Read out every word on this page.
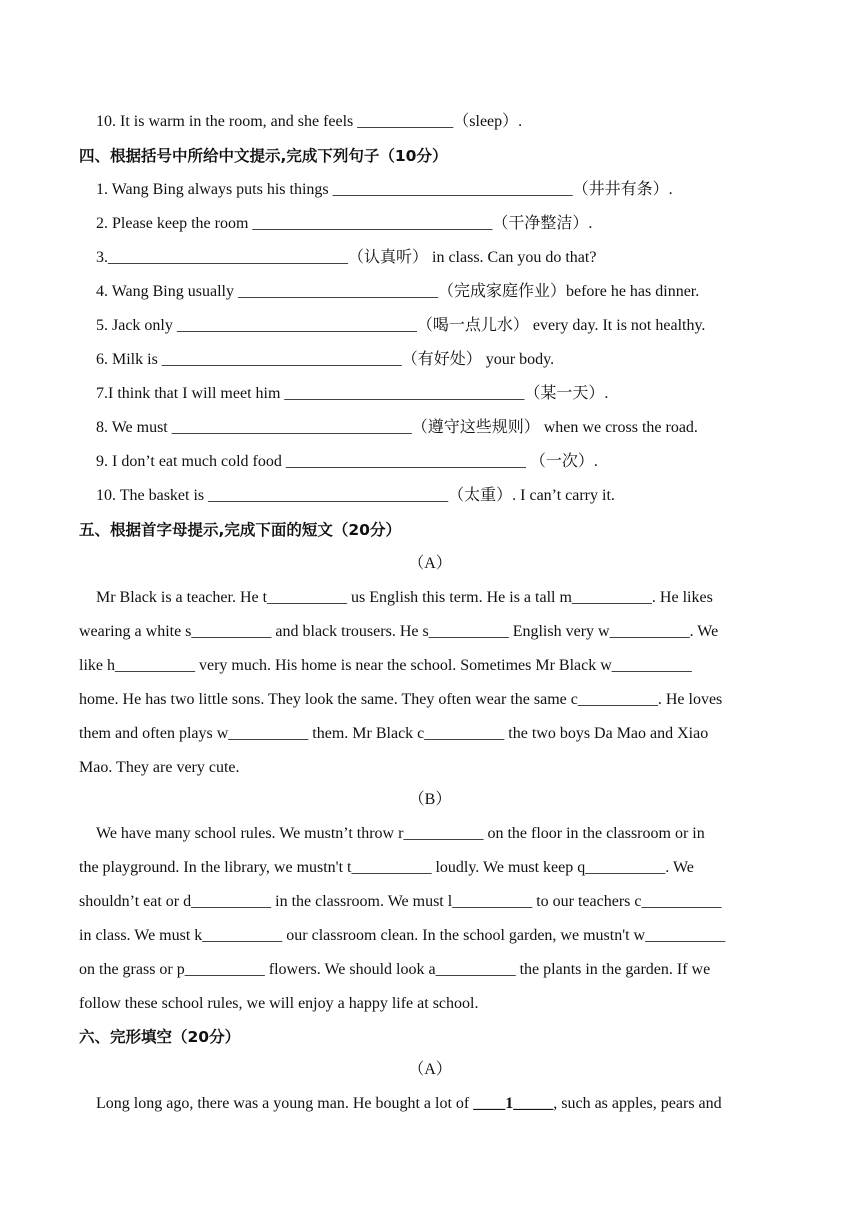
10. It is warm in the room, and she feels ____________（sleep）.
四、根据括号中所给中文提示,完成下列句子（10分）
1. Wang Bing always puts his things ______________________________（井井有条）.
2. Please keep the room ______________________________（干净整洁）.
3.______________________________（认真听） in class. Can you do that?
4. Wang Bing usually _________________________（完成家庭作业）before he has dinner.
5. Jack only ______________________________（喝一点儿水） every day. It is not healthy.
6. Milk is ______________________________（有好处） your body.
7.I think that I will meet him ______________________________（某一天）.
8. We must ______________________________（遵守这些规则） when we cross the road.
9. I don’t eat much cold food ______________________________ （一次）.
10. The basket is ______________________________（太重）. I can’t carry it.
五、根据首字母提示,完成下面的短文（20分）
（A）
Mr Black is a teacher. He t__________ us English this term. He is a tall m__________. He likes
wearing a white s__________ and black trousers. He s__________ English very w__________. We
like h__________ very much. His home is near the school. Sometimes Mr Black w__________
home. He has two little sons. They look the same. They often wear the same c__________. He loves
them and often plays w__________ them. Mr Black c__________ the two boys Da Mao and Xiao
Mao. They are very cute.
（B）
We have many school rules. We mustn’t throw r__________ on the floor in the classroom or in
the playground. In the library, we mustn't t__________ loudly. We must keep q__________. We
shouldn’t eat or d__________ in the classroom. We must l__________ to our teachers c__________
in class. We must k__________ our classroom clean. In the school garden, we mustn't w__________
on the grass or p__________ flowers. We should look a__________ the plants in the garden. If we
follow these school rules, we will enjoy a happy life at school.
六、完形填空（20分）
（A）
Long long ago, there was a young man. He bought a lot of ____1_____, such as apples, pears and
